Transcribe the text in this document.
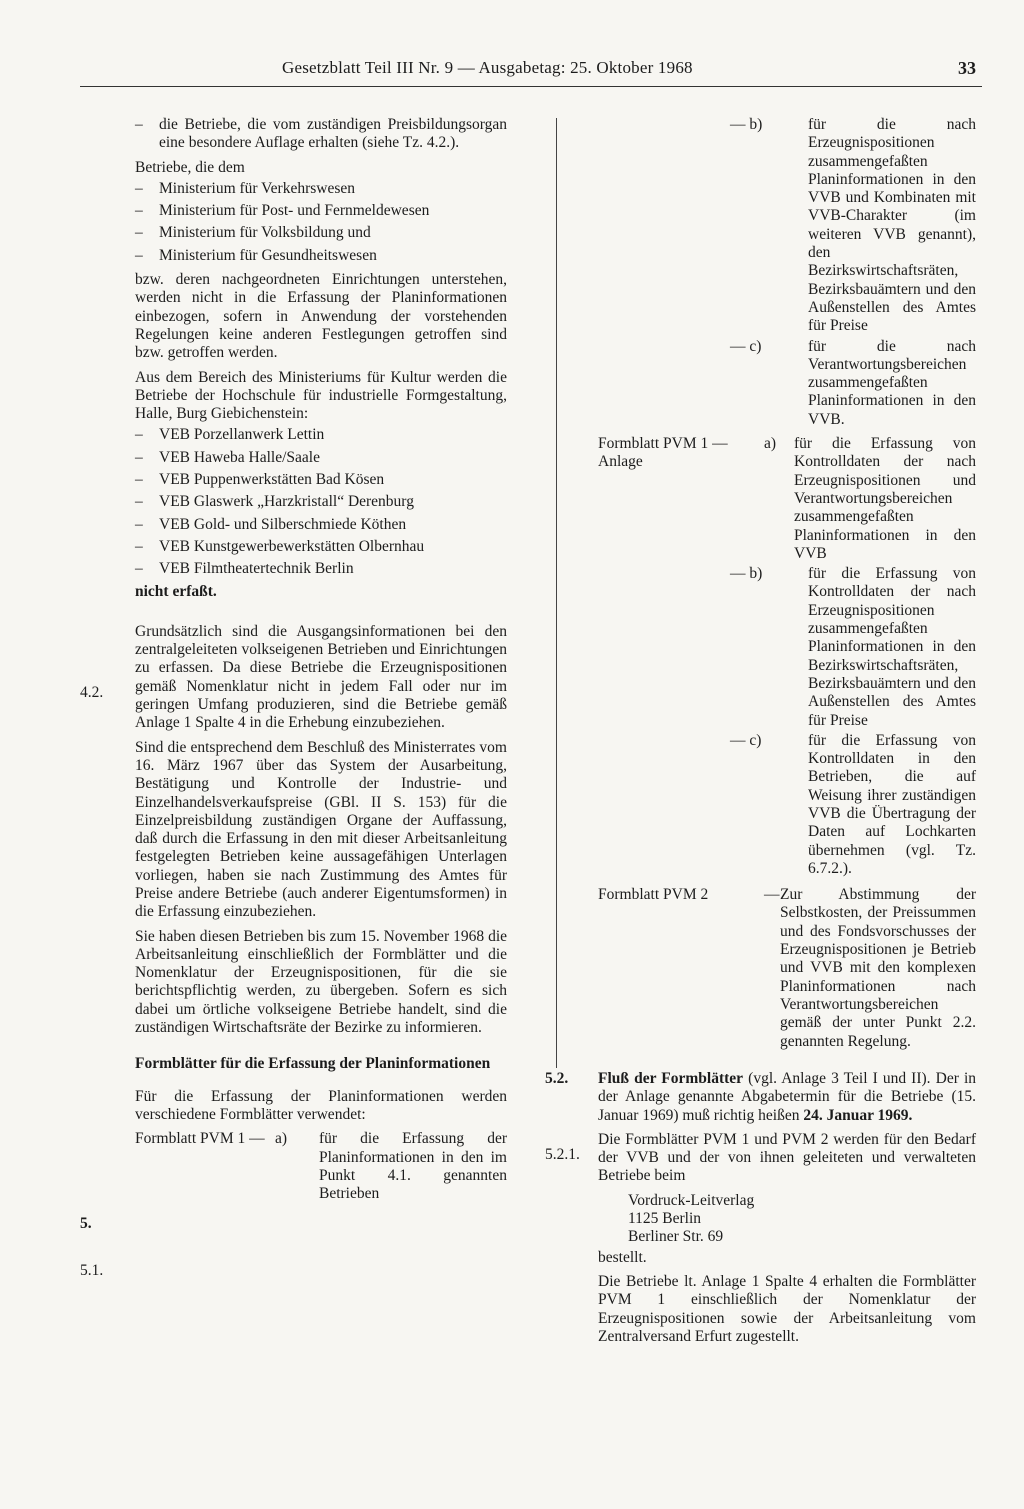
Gesetzblatt Teil III Nr. 9 — Ausgabetag: 25. Oktober 1968	33
–	die Betriebe, die vom zuständigen Preisbildungsorgan eine besondere Auflage erhalten (siehe Tz. 4.2.).
Betriebe, die dem
–	Ministerium für Verkehrswesen
–	Ministerium für Post- und Fernmeldewesen
–	Ministerium für Volksbildung und
–	Ministerium für Gesundheitswesen
bzw. deren nachgeordneten Einrichtungen unterstehen, werden nicht in die Erfassung der Planinformationen einbezogen, sofern in Anwendung der vorstehenden Regelungen keine anderen Festlegungen getroffen sind bzw. getroffen werden.
Aus dem Bereich des Ministeriums für Kultur werden die Betriebe der Hochschule für industrielle Formgestaltung, Halle, Burg Giebichenstein:
–	VEB Porzellanwerk Lettin
–	VEB Haweba Halle/Saale
–	VEB Puppenwerkstätten Bad Kösen
–	VEB Glaswerk „Harzkristall“ Derenburg
–	VEB Gold- und Silberschmiede Köthen
–	VEB Kunstgewerbewerkstätten Olbernhau
–	VEB Filmtheatertechnik Berlin
nicht erfaßt.
Grundsätzlich sind die Ausgangsinformationen bei den zentralgeleiteten volkseigenen Betrieben und Einrichtungen zu erfassen. Da diese Betriebe die Erzeugnispositionen gemäß Nomenklatur nicht in jedem Fall oder nur im geringen Umfang produzieren, sind die Betriebe gemäß Anlage 1 Spalte 4 in die Erhebung einzubeziehen.
Sind die entsprechend dem Beschluß des Ministerrates vom 16. März 1967 über das System der Ausarbeitung, Bestätigung und Kontrolle der Industrie- und Einzelhandelsverkaufspreise (GBl. II S. 153) für die Einzelpreisbildung zuständigen Organe der Auffassung, daß durch die Erfassung in den mit dieser Arbeitsanleitung festgelegten Betrieben keine aussagefähigen Unterlagen vorliegen, haben sie nach Zustimmung des Amtes für Preise andere Betriebe (auch anderer Eigentumsformen) in die Erfassung einzubeziehen.
Sie haben diesen Betrieben bis zum 15. November 1968 die Arbeitsanleitung einschließlich der Formblätter und die Nomenklatur der Erzeugnispositionen, für die sie berichtspflichtig werden, zu übergeben. Sofern es sich dabei um örtliche volkseigene Betriebe handelt, sind die zuständigen Wirtschaftsräte der Bezirke zu informieren.
Formblätter für die Erfassung der Planinformationen
Für die Erfassung der Planinformationen werden verschiedene Formblätter verwendet:
Formblatt PVM 1 — a)	für die Erfassung der Planinformationen in den im Punkt 4.1. genannten Betrieben
4.2.
5.
5.1.
— b)	für die nach Erzeugnispositionen zusammengefaßten Planinformationen in den VVB und Kombinaten mit VVB-Charakter (im weiteren VVB genannt), den Bezirkswirtschaftsräten, Bezirksbauämtern und den Außenstellen des Amtes für Preise
— c)	für die nach Verantwortungsbereichen zusammengefaßten Planinformationen in den VVB.
Formblatt PVM 1 — Anlage
a)	für die Erfassung von Kontrolldaten der nach Erzeugnispositionen und Verantwortungsbereichen zusammengefaßten Planinformationen in den VVB
— b)	für die Erfassung von Kontrolldaten der nach Erzeugnispositionen zusammengefaßten Planinformationen in den Bezirkswirtschaftsräten, Bezirksbauämtern und den Außenstellen des Amtes für Preise
— c)	für die Erfassung von Kontrolldaten in den Betrieben, die auf Weisung ihrer zuständigen VVB die Übertragung der Daten auf Lochkarten übernehmen (vgl. Tz. 6.7.2.).
Formblatt PVM 2	— Zur Abstimmung der Selbstkosten, der Preissummen und des Fondsvorschusses der Erzeugnispositionen je Betrieb und VVB mit den komplexen Planinformationen nach Verantwortungsbereichen gemäß der unter Punkt 2.2. genannten Regelung.
Fluß der Formblätter (vgl. Anlage 3 Teil I und II). Der in der Anlage genannte Abgabetermin für die Betriebe (15. Januar 1969) muß richtig heißen 24. Januar 1969.
Die Formblätter PVM 1 und PVM 2 werden für den Bedarf der VVB und der von ihnen geleiteten und verwalteten Betriebe beim
Vordruck-Leitverlag
1125 Berlin
Berliner Str. 69
bestellt.
Die Betriebe lt. Anlage 1 Spalte 4 erhalten die Formblätter PVM 1 einschließlich der Nomenklatur der Erzeugnispositionen sowie der Arbeitsanleitung vom Zentralversand Erfurt zugestellt.
5.2.
5.2.1.
